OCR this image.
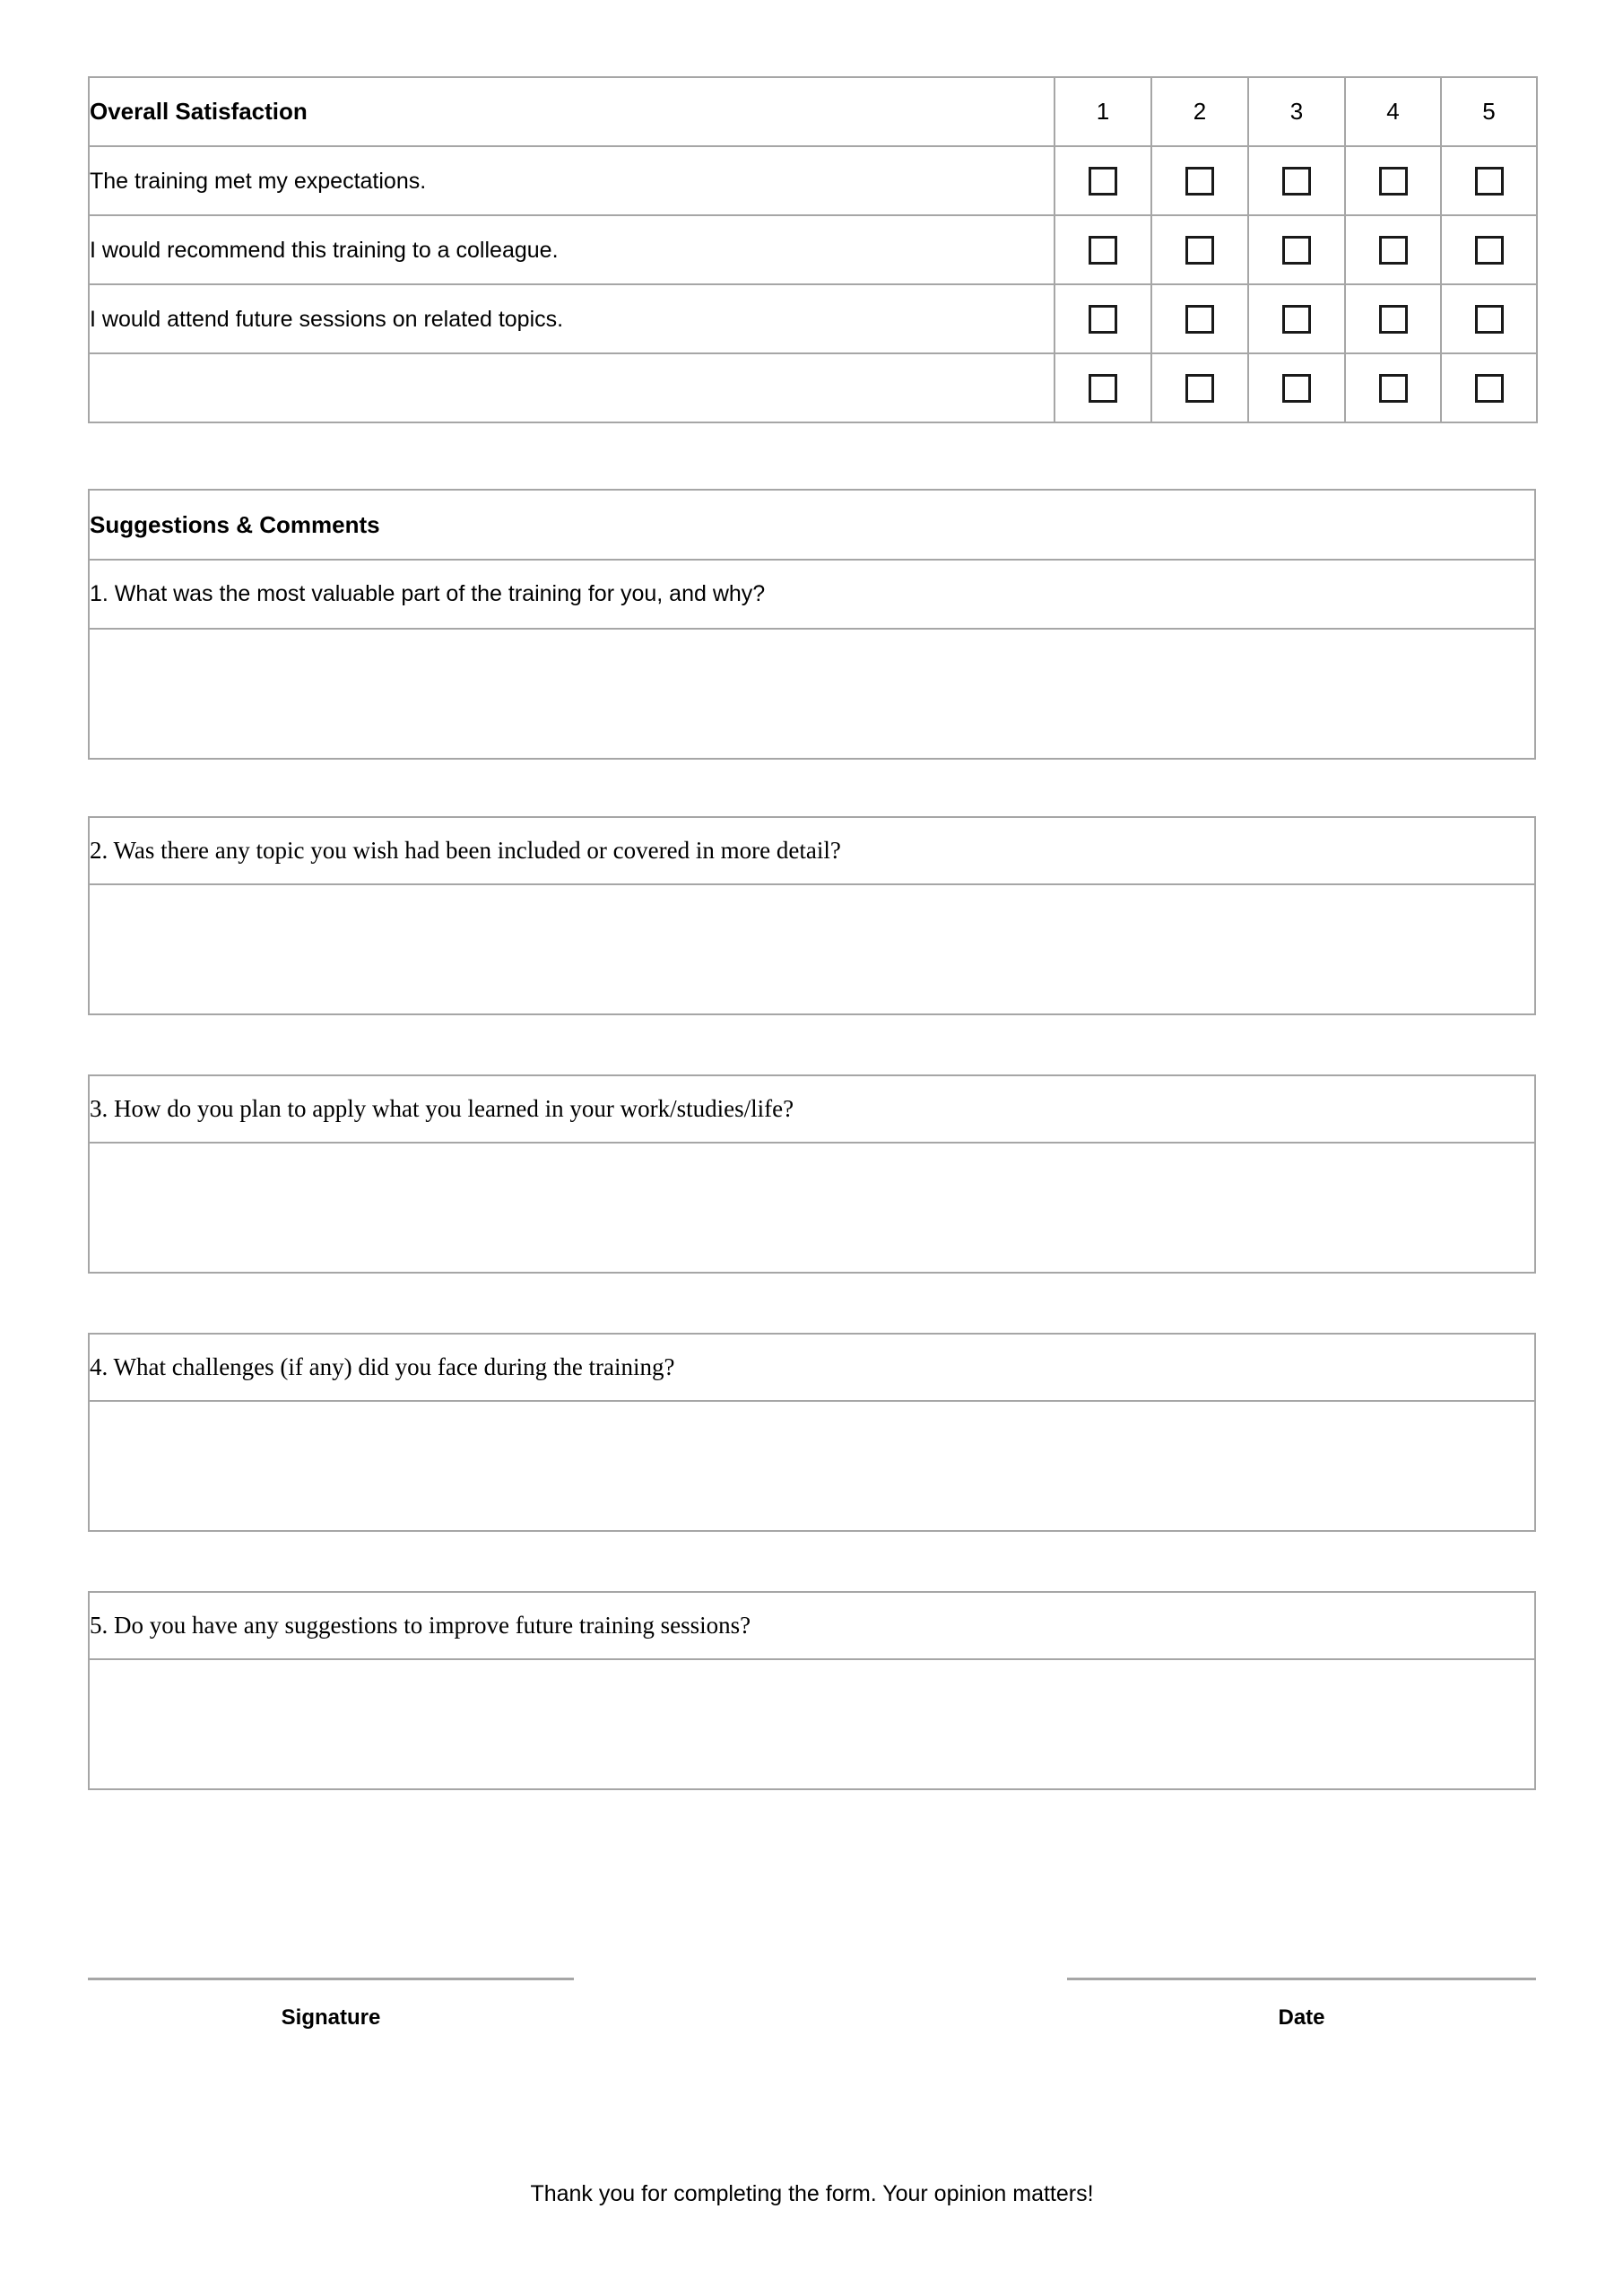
Overall Satisfaction	1	2	3	4	5
The training met my expectations.					
I would recommend this training to a colleague.					
I would attend future sessions on related topics.					

Suggestions & Comments
1. What was the most valuable part of the training for you, and why?

2. Was there any topic you wish had been included or covered in more detail?

3. How do you plan to apply what you learned in your work/studies/life?

4. What challenges (if any) did you face during the training?

5. Do you have any suggestions to improve future training sessions?

Signature	Date
Thank you for completing the form. Your opinion matters!
